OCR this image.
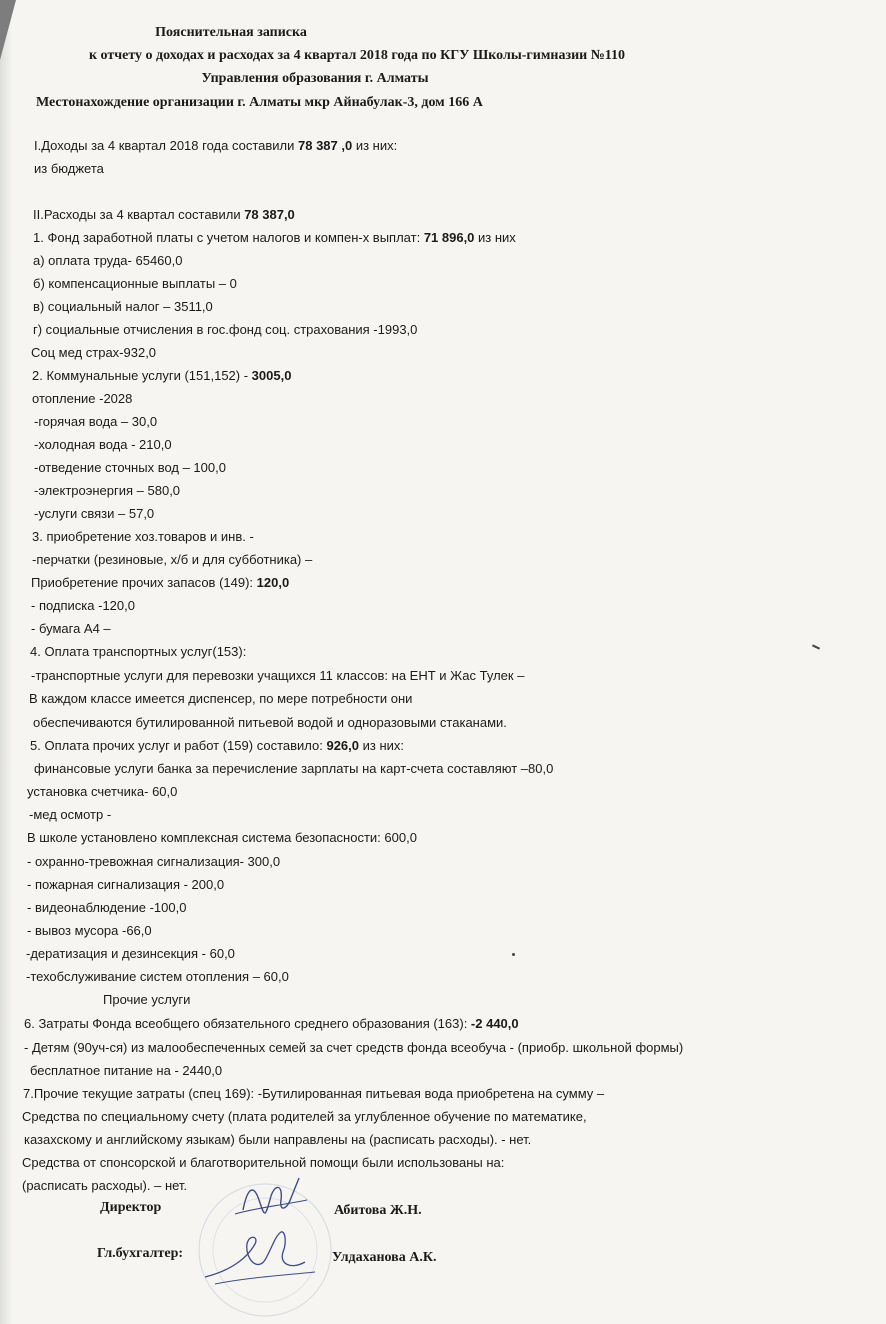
Пояснительная записка
к отчету о доходах и расходах за 4 квартал 2018 года по КГУ Школы-гимназии №110
Управления образования г. Алматы
Местонахождение организации г. Алматы мкр Айнабулак-3, дом 166 А
I.Доходы за 4 квартал 2018 года составили 78 387 ,0 из них:
из бюджета
II.Расходы за 4 квартал составили 78 387,0
1. Фонд заработной платы с учетом налогов и компен-х выплат: 71 896,0 из них
а) оплата труда- 65460,0
б) компенсационные выплаты – 0
в) социальный налог – 3511,0
г) социальные отчисления в гос.фонд соц. страхования -1993,0
Соц мед страх-932,0
2. Коммунальные услуги (151,152) - 3005,0
отопление -2028
-горячая вода – 30,0
-холодная вода - 210,0
-отведение сточных вод – 100,0
-электроэнергия – 580,0
-услуги связи – 57,0
3. приобретение хоз.товаров и инв. -
-перчатки (резиновые, х/б и для субботника) –
Приобретение прочих запасов (149): 120,0
- подписка -120,0
- бумага А4 –
4. Оплата транспортных услуг(153):
-транспортные услуги для перевозки учащихся 11 классов: на ЕНТ и Жас Тулек –
В каждом классе имеется диспенсер, по мере потребности они
обеспечиваются бутилированной питьевой водой и одноразовыми стаканами.
5. Оплата прочих услуг и работ (159) составило: 926,0 из них:
финансовые услуги банка за перечисление зарплаты на карт-счета составляют –80,0
установка счетчика- 60,0
-мед осмотр -
В школе установлено комплексная система безопасности: 600,0
- охранно-тревожная сигнализация- 300,0
- пожарная сигнализация - 200,0
- видеонаблюдение -100,0
- вывоз мусора -66,0
-дератизация и дезинсекция - 60,0
-техобслуживание систем отопления – 60,0
Прочие услуги
6. Затраты Фонда всеобщего обязательного среднего образования (163): -2 440,0
- Детям (90уч-ся) из малообеспеченных семей за счет средств фонда всеобуча - (приобр. школьной формы)
бесплатное питание на - 2440,0
7.Прочие текущие затраты (спец 169): -Бутилированная питьевая вода приобретена на сумму –
Средства по специальному счету (плата родителей за углубленное обучение по математике,
казахскому и английскому языкам) были направлены на (расписать расходы). - нет.
Средства от спонсорской и благотворительной помощи были использованы на:
(расписать расходы). – нет.
Директор	Абитова Ж.Н.
Гл.бухгалтер:	Улдаханова А.К.
